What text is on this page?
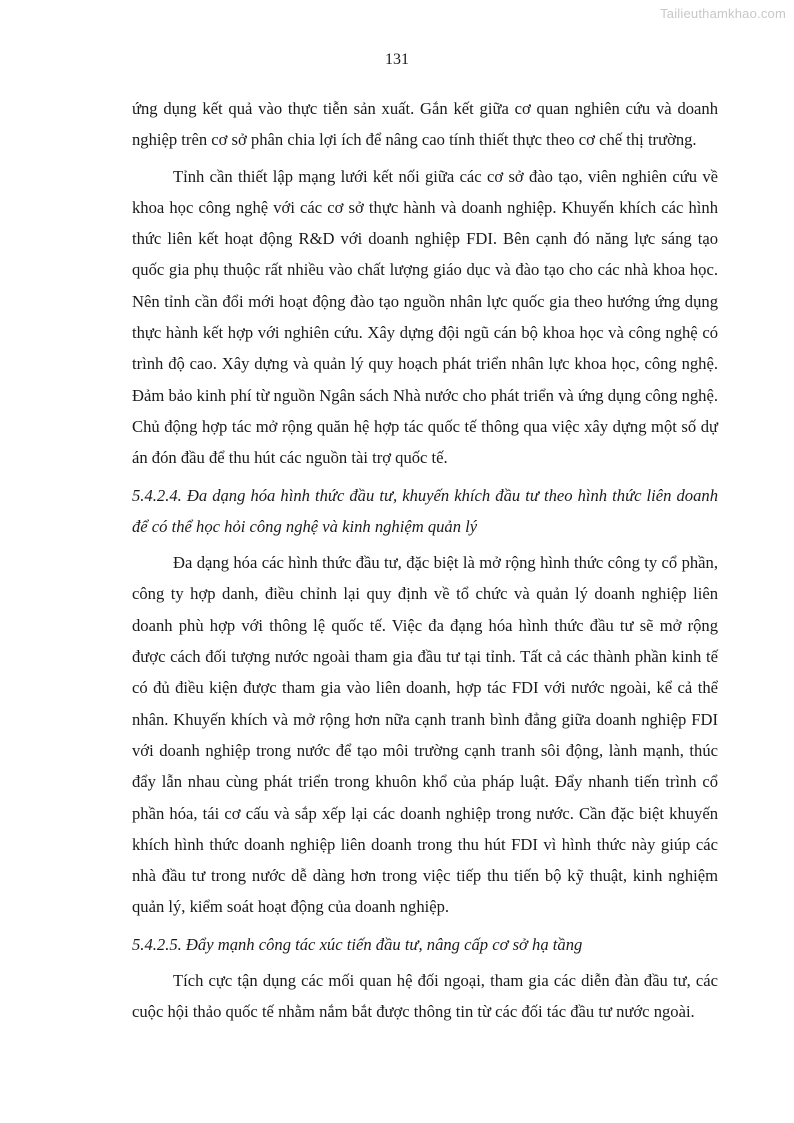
Tailieuthamkhao.com
131

ứng dụng kết quả vào thực tiễn sản xuất. Gắn kết giữa cơ quan nghiên cứu và doanh nghiệp trên cơ sở phân chia lợi ích để nâng cao tính thiết thực theo cơ chế thị trường.

Tỉnh cần thiết lập mạng lưới kết nối giữa các cơ sở đào tạo, viên nghiên cứu về khoa học công nghệ với các cơ sở thực hành và doanh nghiệp. Khuyến khích các hình thức liên kết hoạt động R&D với doanh nghiệp FDI. Bên cạnh đó năng lực sáng tạo quốc gia phụ thuộc rất nhiều vào chất lượng giáo dục và đào tạo cho các nhà khoa học. Nên tỉnh cần đổi mới hoạt động đào tạo nguồn nhân lực quốc gia theo hướng ứng dụng thực hành kết hợp với nghiên cứu. Xây dựng đội ngũ cán bộ khoa học và công nghệ có trình độ cao. Xây dựng và quản lý quy hoạch phát triển nhân lực khoa học, công nghệ. Đảm bảo kinh phí từ nguồn Ngân sách Nhà nước cho phát triển và ứng dụng công nghệ. Chủ động hợp tác mở rộng quăn hệ hợp tác quốc tế thông qua việc xây dựng một số dự án đón đầu để thu hút các nguồn tài trợ quốc tế.

5.4.2.4. Đa dạng hóa hình thức đầu tư, khuyến khích đầu tư theo hình thức liên doanh để có thể học hỏi công nghệ và kinh nghiệm quản lý

Đa dạng hóa các hình thức đầu tư, đặc biệt là mở rộng hình thức công ty cổ phần, công ty hợp danh, điều chỉnh lại quy định về tổ chức và quản lý doanh nghiệp liên doanh phù hợp với thông lệ quốc tế. Việc đa đạng hóa hình thức đầu tư sẽ mở rộng được cách đối tượng nước ngoài tham gia đầu tư tại tỉnh. Tất cả các thành phần kinh tế có đủ điều kiện được tham gia vào liên doanh, hợp tác FDI với nước ngoài, kể cả thể nhân. Khuyến khích và mở rộng hơn nữa cạnh tranh bình đẳng giữa doanh nghiệp FDI với doanh nghiệp trong nước để tạo môi trường cạnh tranh sôi động, lành mạnh, thúc đẩy lẫn nhau cùng phát triển trong khuôn khổ của pháp luật. Đẩy nhanh tiến trình cổ phần hóa, tái cơ cấu và sắp xếp lại các doanh nghiệp trong nước. Cần đặc biệt khuyến khích hình thức doanh nghiệp liên doanh trong thu hút FDI vì hình thức này giúp các nhà đầu tư trong nước dễ dàng hơn trong việc tiếp thu tiến bộ kỹ thuật, kinh nghiệm quản lý, kiểm soát hoạt động của doanh nghiệp.

5.4.2.5. Đẩy mạnh công tác xúc tiến đầu tư, nâng cấp cơ sở hạ tầng

Tích cực tận dụng các mối quan hệ đối ngoại, tham gia các diễn đàn đầu tư, các cuộc hội thảo quốc tế nhằm nắm bắt được thông tin từ các đối tác đầu tư nước ngoài.
